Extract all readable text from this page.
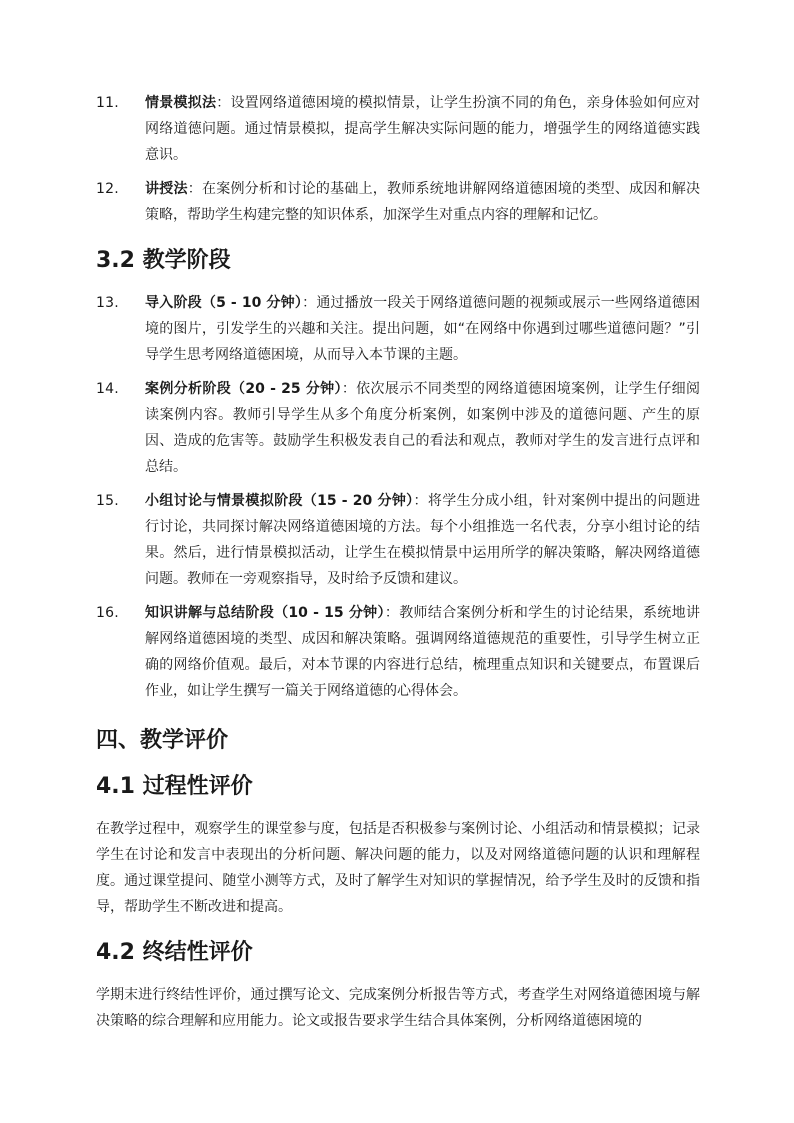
11.	情景模拟法：设置网络道德困境的模拟情景，让学生扮演不同的角色，亲身体验如何应对网络道德问题。通过情景模拟，提高学生解决实际问题的能力，增强学生的网络道德实践意识。
12.	讲授法：在案例分析和讨论的基础上，教师系统地讲解网络道德困境的类型、成因和解决策略，帮助学生构建完整的知识体系，加深学生对重点内容的理解和记忆。
3.2 教学阶段
13.	导入阶段（5 - 10 分钟）：通过播放一段关于网络道德问题的视频或展示一些网络道德困境的图片，引发学生的兴趣和关注。提出问题，如“在网络中你遇到过哪些道德问题？”引导学生思考网络道德困境，从而导入本节课的主题。
14.	案例分析阶段（20 - 25 分钟）：依次展示不同类型的网络道德困境案例，让学生仔细阅读案例内容。教师引导学生从多个角度分析案例，如案例中涉及的道德问题、产生的原因、造成的危害等。鼓励学生积极发表自己的看法和观点，教师对学生的发言进行点评和总结。
15.	小组讨论与情景模拟阶段（15 - 20 分钟）：将学生分成小组，针对案例中提出的问题进行讨论，共同探讨解决网络道德困境的方法。每个小组推选一名代表，分享小组讨论的结果。然后，进行情景模拟活动，让学生在模拟情景中运用所学的解决策略，解决网络道德问题。教师在一旁观察指导，及时给予反馈和建议。
16.	知识讲解与总结阶段（10 - 15 分钟）：教师结合案例分析和学生的讨论结果，系统地讲解网络道德困境的类型、成因和解决策略。强调网络道德规范的重要性，引导学生树立正确的网络价值观。最后，对本节课的内容进行总结，梳理重点知识和关键要点，布置课后作业，如让学生撰写一篇关于网络道德的心得体会。
四、教学评价
4.1 过程性评价
在教学过程中，观察学生的课堂参与度，包括是否积极参与案例讨论、小组活动和情景模拟；记录学生在讨论和发言中表现出的分析问题、解决问题的能力，以及对网络道德问题的认识和理解程度。通过课堂提问、随堂小测等方式，及时了解学生对知识的掌握情况，给予学生及时的反馈和指导，帮助学生不断改进和提高。
4.2 终结性评价
学期末进行终结性评价，通过撰写论文、完成案例分析报告等方式，考查学生对网络道德困境与解决策略的综合理解和应用能力。论文或报告要求学生结合具体案例，分析网络道德困境的
